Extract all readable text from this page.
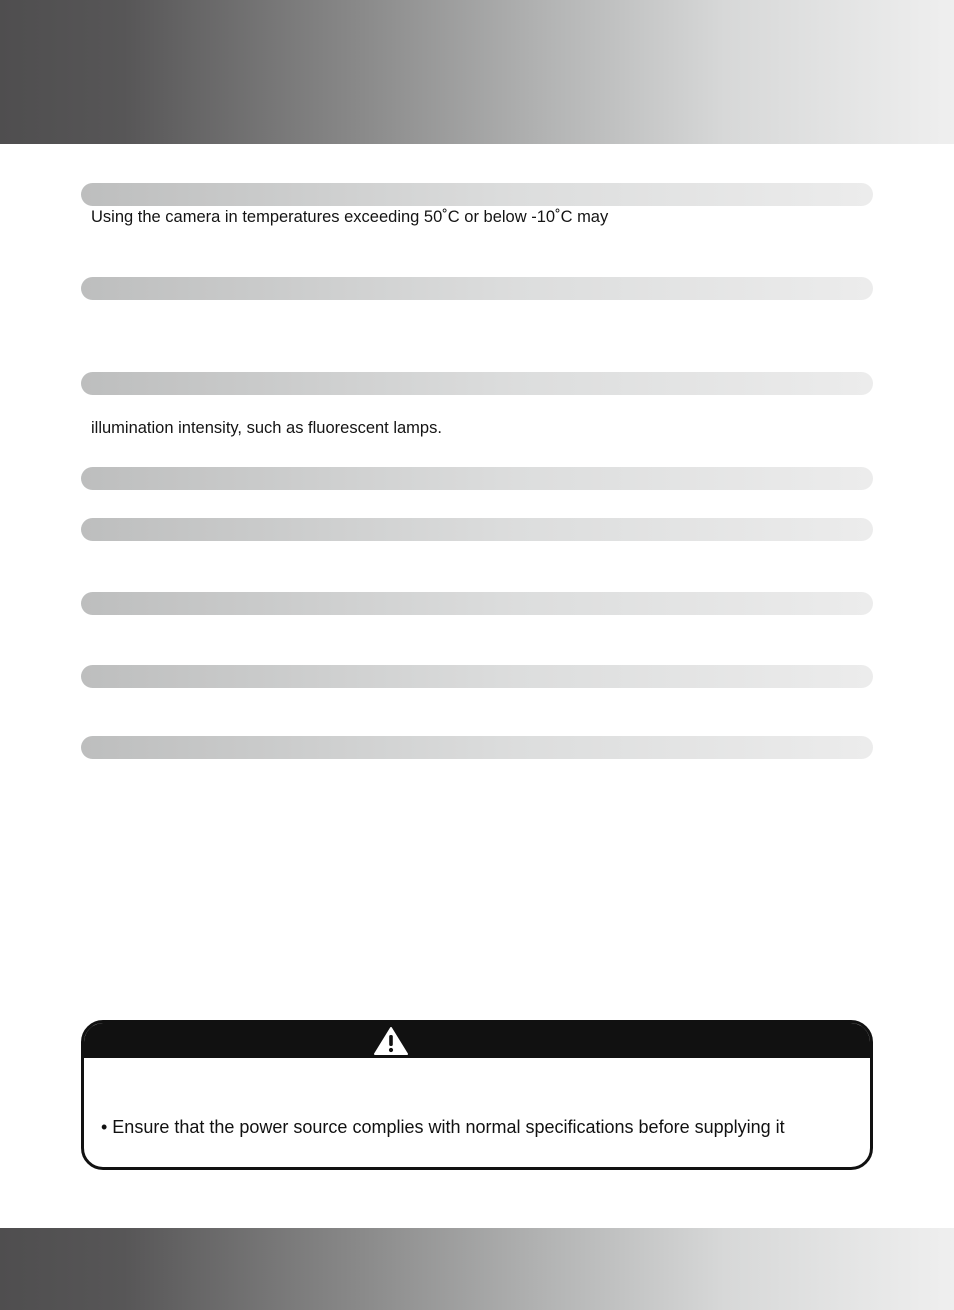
Using the camera in temperatures exceeding 50˚C or below -10˚C may
illumination intensity, such as fluorescent lamps.
• Ensure that the power source complies with normal specifications before supplying it
